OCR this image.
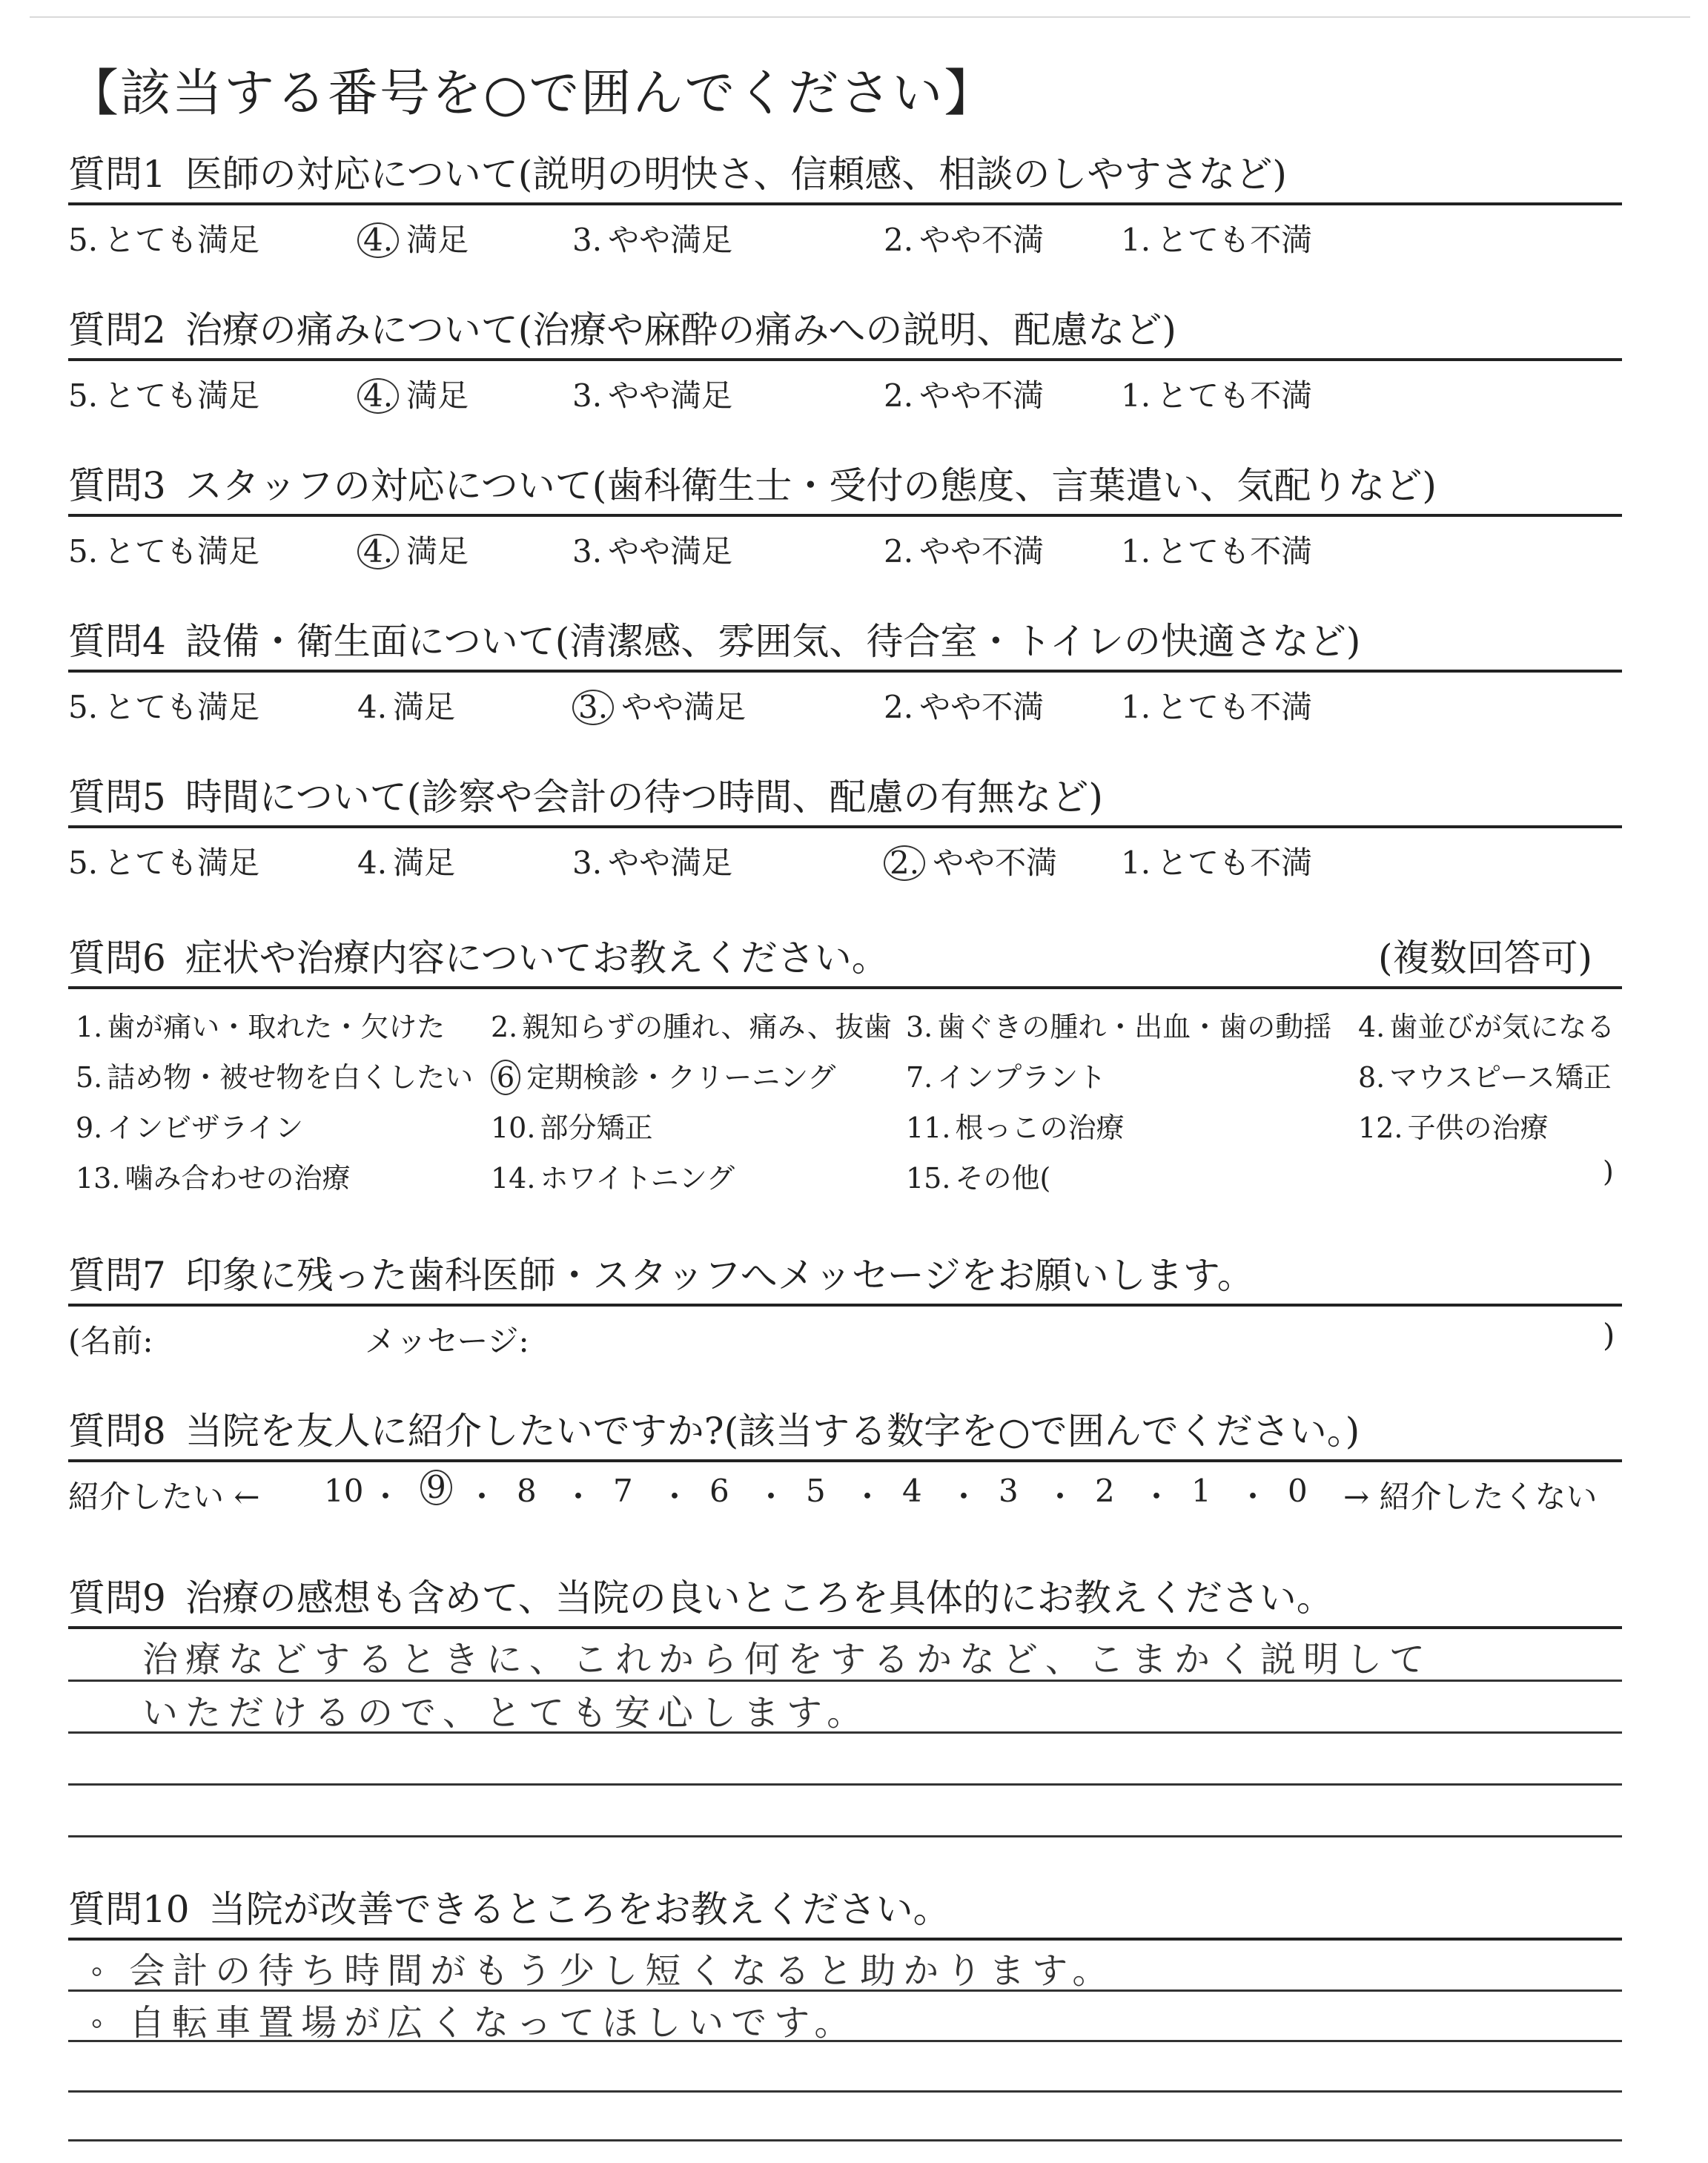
【該当する番号を○で囲んでください】
質問1 医師の対応について(説明の明快さ、信頼感、相談のしやすさなど)
5. とても満足	4. 満足	3. やや満足	2. やや不満 1. とても不満
質問2 治療の痛みについて(治療や麻酔の痛みへの説明、配慮など)
5. とても満足	4. 満足	3. やや満足	2. やや不満 1. とても不満
質問3 スタッフの対応について(歯科衛生士・受付の態度、言葉遣い、気配りなど)
5. とても満足	4. 満足	3. やや満足	2. やや不満 1. とても不満
質問4 設備・衛生面について(清潔感、雰囲気、待合室・トイレの快適さなど)
5. とても満足	4. 満足	3. やや満足	2. やや不満 1. とても不満
質問5 時間について(診察や会計の待つ時間、配慮の有無など)
5. とても満足	4. 満足	3. やや満足	2. やや不満 1. とても不満
質問6 症状や治療内容についてお教えください。	(複数回答可)
1. 歯が痛い・取れた・欠けた 2. 親知らずの腫れ、痛み、抜歯 3. 歯ぐきの腫れ・出血・歯の動揺 4. 歯並びが気になる
5. 詰め物・被せ物を白くしたい 6 定期検診・クリーニング 7. インプラント	8. マウスピース矯正
9. インビザライン	10. 部分矯正	11. 根っこの治療	12. 子供の治療
13. 噛み合わせの治療	14. ホワイトニング	15. その他(	)
質問7 印象に残った歯科医師・スタッフへメッセージをお願いします。
(名前:	メッセージ:	)
質問8 当院を友人に紹介したいですか?(該当する数字を○で囲んでください。)
紹介したい ←	→ 紹介したくない
10 ・ 9 ・ 8 ・ 7 ・ 6 ・ 5 ・ 4 ・ 3 ・ 2 ・ 1 ・ 0
質問9 治療の感想も含めて、当院の良いところを具体的にお教えください。
治療などするときに、これから何をするかなど、こまかく説明して
いただけるので、とても安心します。
質問10 当院が改善できるところをお教えください。
◦ 会計の待ち時間がもう少し短くなると助かります。
◦ 自転車置場が広くなってほしいです。
